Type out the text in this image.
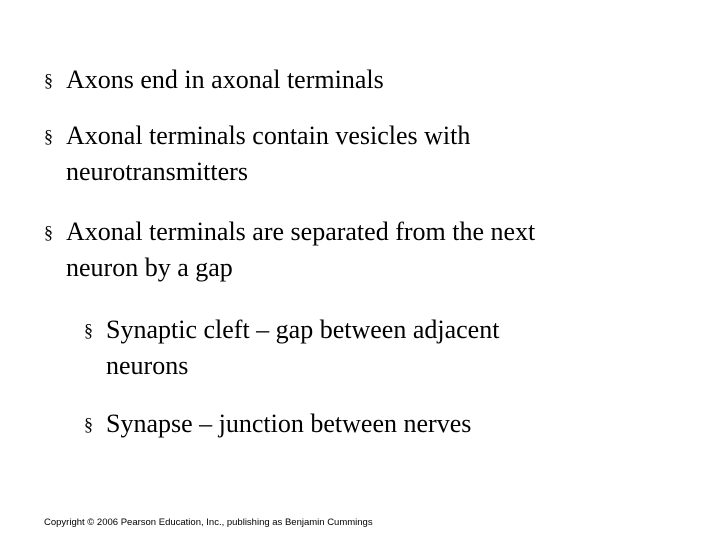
§ Axons end in axonal terminals
§ Axonal terminals contain vesicles with
neurotransmitters
§ Axonal terminals are separated from the next
neuron by a gap
§ Synaptic cleft – gap between adjacent
neurons
§ Synapse – junction between nerves
Copyright © 2006 Pearson Education, Inc., publishing as Benjamin Cummings
